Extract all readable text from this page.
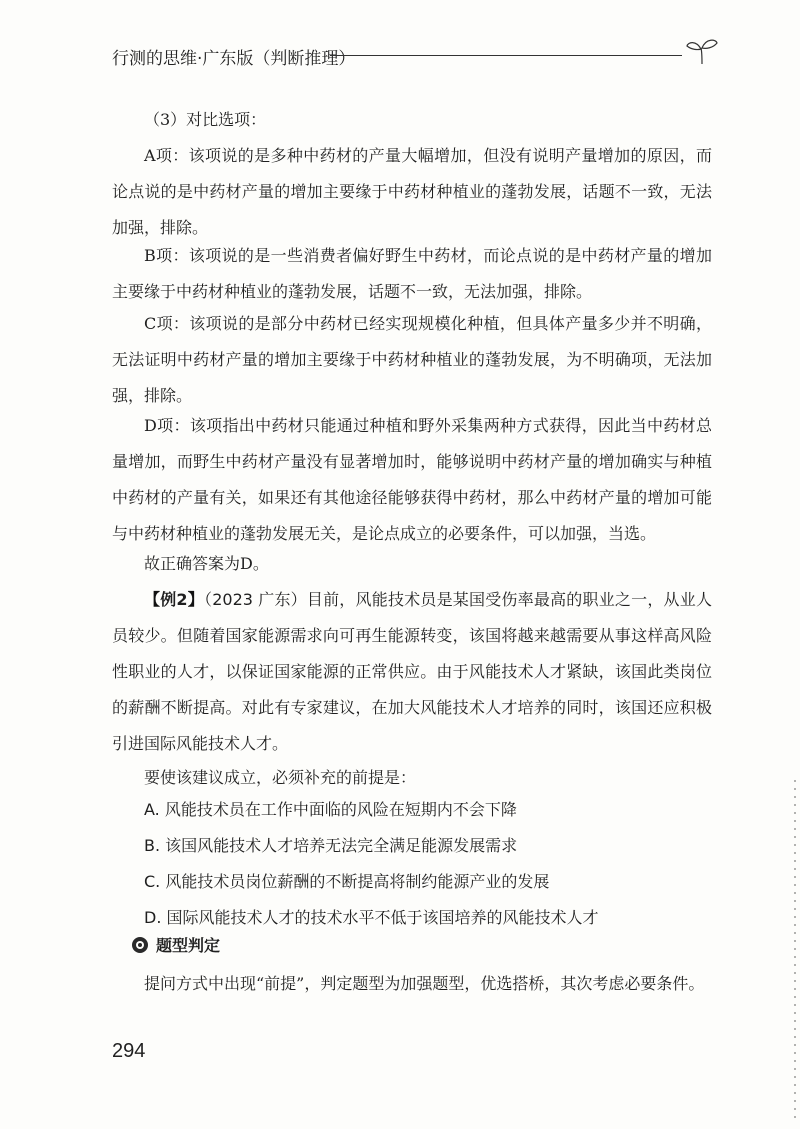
行测的思维·广东版（判断推理）
（3）对比选项：
A项：该项说的是多种中药材的产量大幅增加，但没有说明产量增加的原因，而论点说的是中药材产量的增加主要缘于中药材种植业的蓬勃发展，话题不一致，无法加强，排除。
B项：该项说的是一些消费者偏好野生中药材，而论点说的是中药材产量的增加主要缘于中药材种植业的蓬勃发展，话题不一致，无法加强，排除。
C项：该项说的是部分中药材已经实现规模化种植，但具体产量多少并不明确，无法证明中药材产量的增加主要缘于中药材种植业的蓬勃发展，为不明确项，无法加强，排除。
D项：该项指出中药材只能通过种植和野外采集两种方式获得，因此当中药材总量增加，而野生中药材产量没有显著增加时，能够说明中药材产量的增加确实与种植中药材的产量有关，如果还有其他途径能够获得中药材，那么中药材产量的增加可能与中药材种植业的蓬勃发展无关，是论点成立的必要条件，可以加强，当选。
故正确答案为D。
【例2】（2023 广东）目前，风能技术员是某国受伤率最高的职业之一，从业人员较少。但随着国家能源需求向可再生能源转变，该国将越来越需要从事这样高风险性职业的人才，以保证国家能源的正常供应。由于风能技术人才紧缺，该国此类岗位的薪酬不断提高。对此有专家建议，在加大风能技术人才培养的同时，该国还应积极引进国际风能技术人才。
要使该建议成立，必须补充的前提是：
A. 风能技术员在工作中面临的风险在短期内不会下降
B. 该国风能技术人才培养无法完全满足能源发展需求
C. 风能技术员岗位薪酬的不断提高将制约能源产业的发展
D. 国际风能技术人才的技术水平不低于该国培养的风能技术人才
题型判定
提问方式中出现“前提”，判定题型为加强题型，优选搭桥，其次考虑必要条件。
294
